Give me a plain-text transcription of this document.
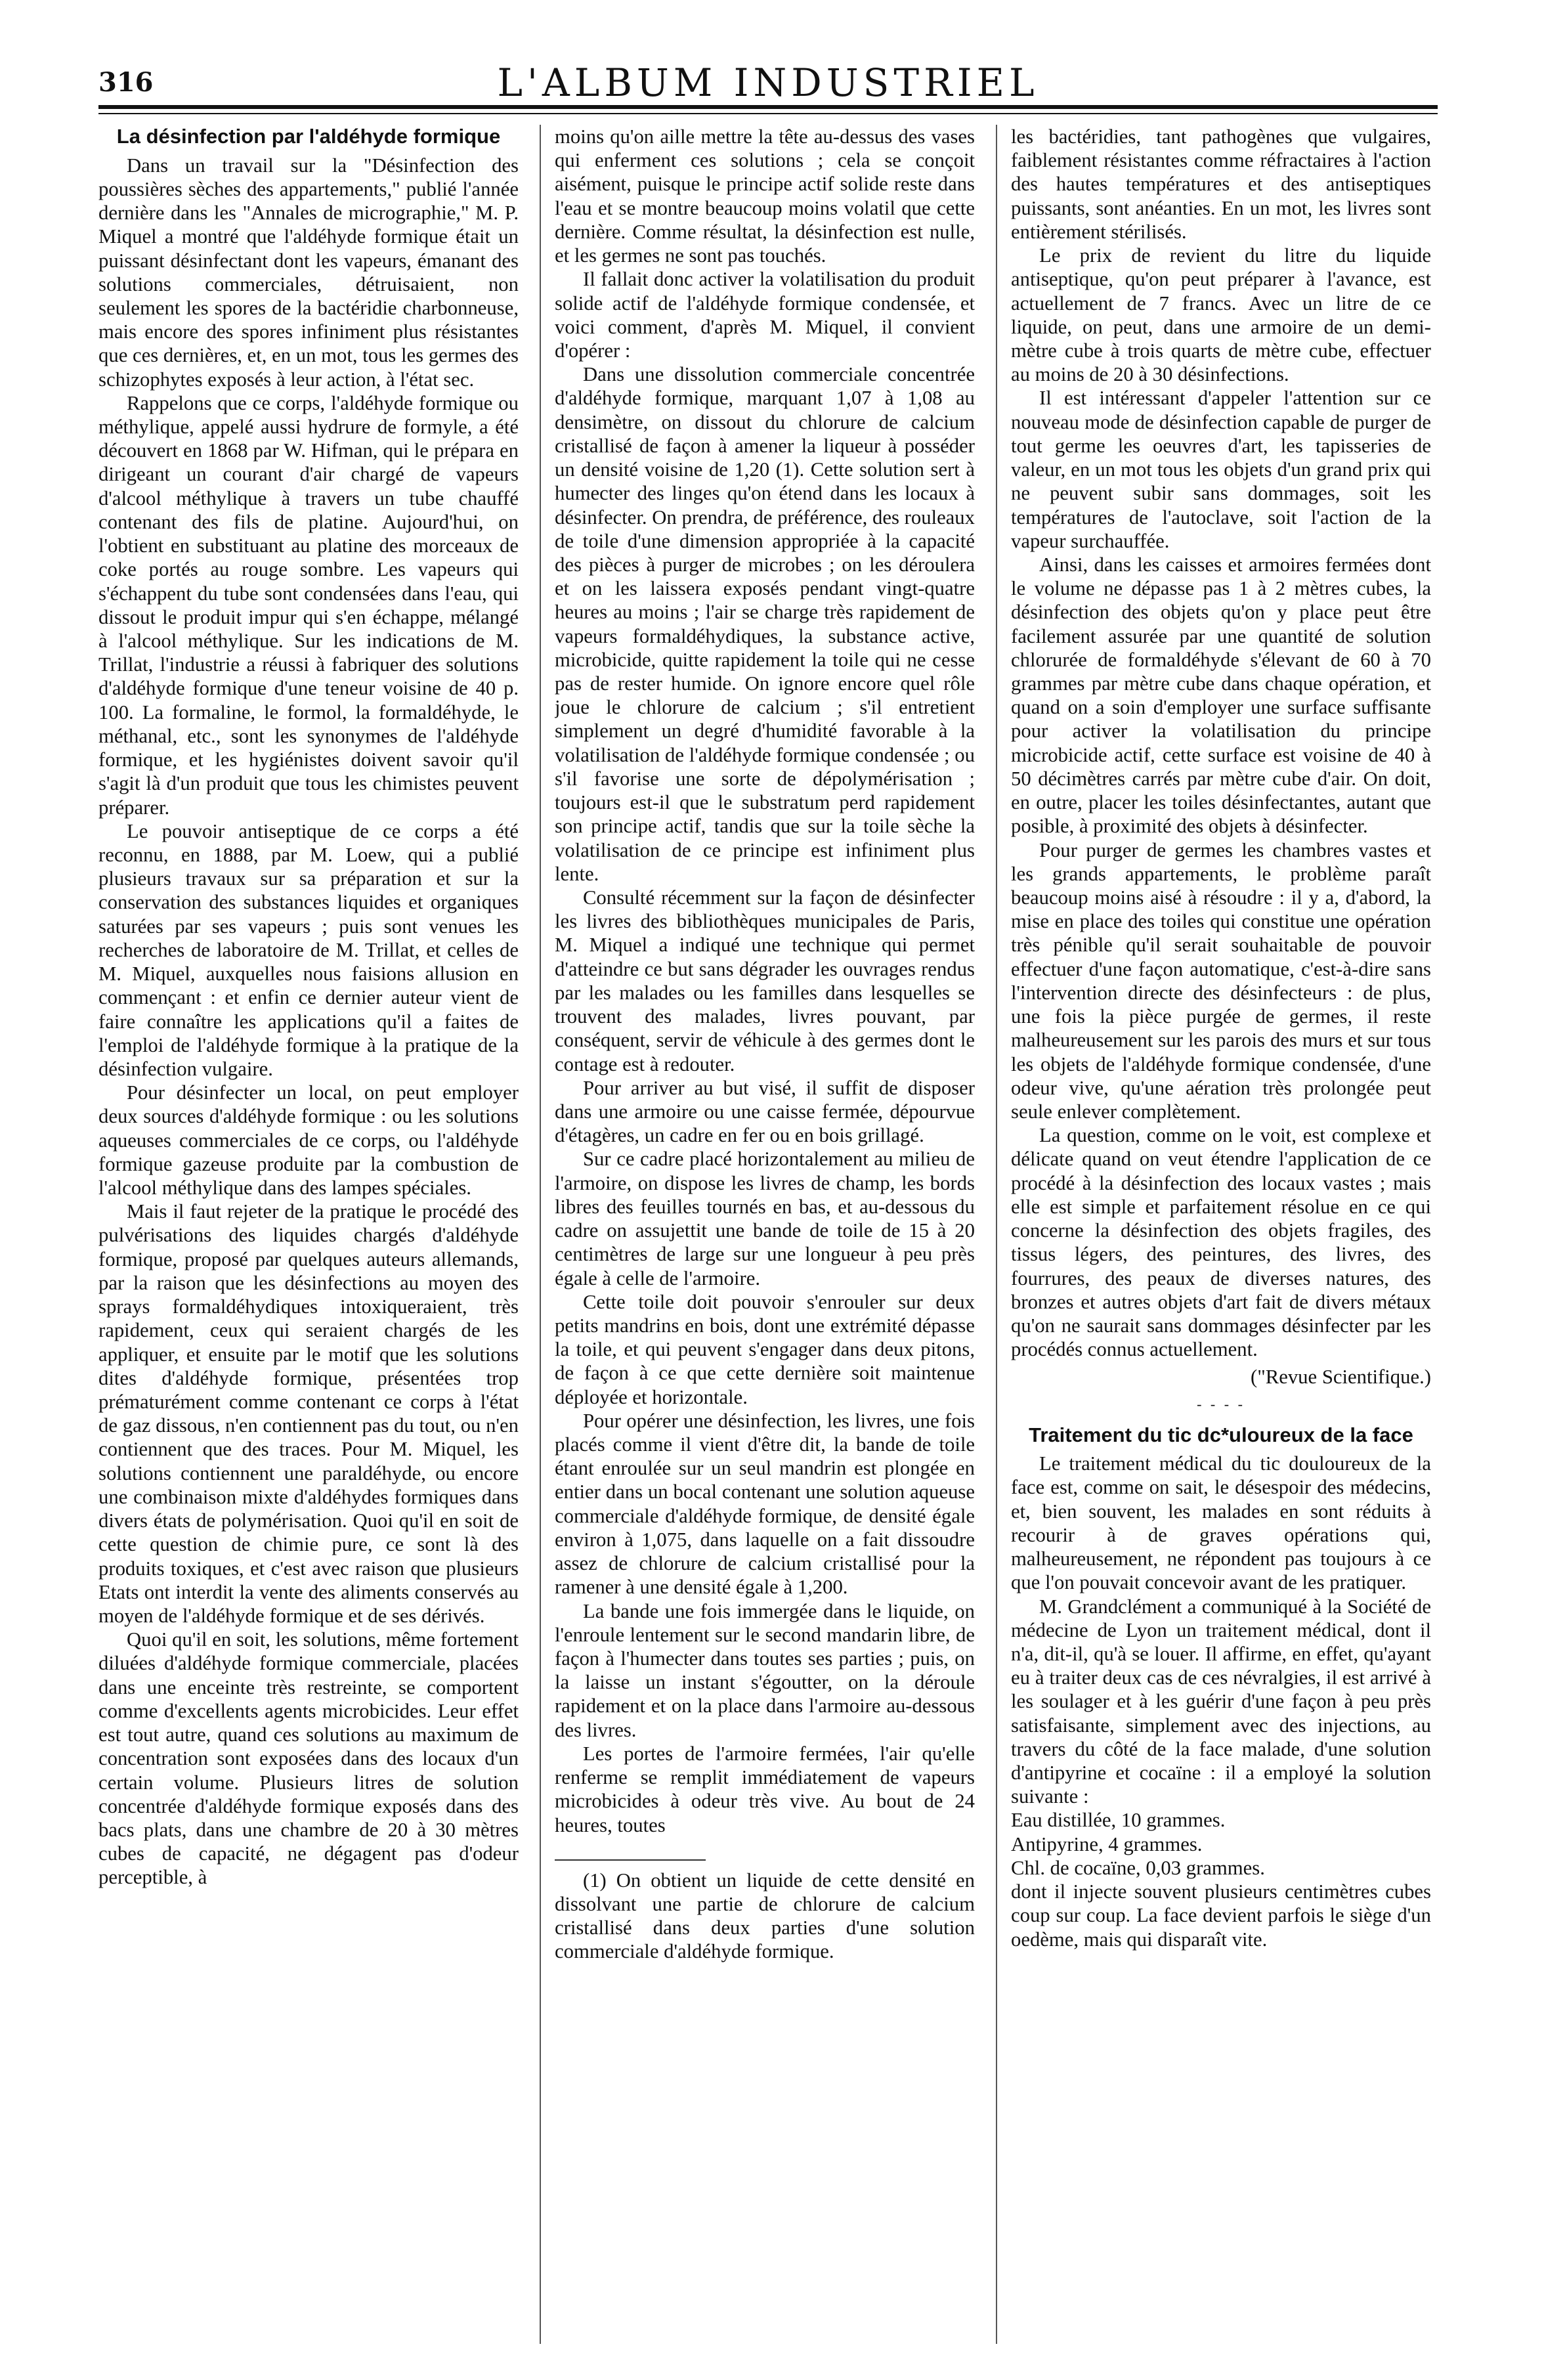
316	L'ALBUM INDUSTRIEL
La désinfection par l'aldéhyde formique

Dans un travail sur la "Désinfection des poussières sèches des appartements," publié l'année dernière dans les "Annales de micrographie," M. P. Miquel a montré que l'aldéhyde formique était un puissant désinfectant dont les vapeurs, émanant des solutions commerciales, détruisaient, non seulement les spores de la bactéridie charbonneuse, mais encore des spores infiniment plus résistantes que ces dernières, et, en un mot, tous les germes des schizophytes exposés à leur action, à l'état sec.

Rappelons que ce corps, l'aldéhyde formique ou méthylique, appelé aussi hydrure de formyle, a été découvert en 1868 par W. Hifman, qui le prépara en dirigeant un courant d'air chargé de vapeurs d'alcool méthylique à travers un tube chauffé contenant des fils de platine. Aujourd'hui, on l'obtient en substituant au platine des morceaux de coke portés au rouge sombre. Les vapeurs qui s'échappent du tube sont condensées dans l'eau, qui dissout le produit impur qui s'en échappe, mélangé à l'alcool méthylique. Sur les indications de M. Trillat, l'industrie a réussi à fabriquer des solutions d'aldéhyde formique d'une teneur voisine de 40 p. 100. La formaline, le formol, la formaldéhyde, le méthanal, etc., sont les synonymes de l'aldéhyde formique, et les hygiénistes doivent savoir qu'il s'agit là d'un produit que tous les chimistes peuvent préparer.

Le pouvoir antiseptique de ce corps a été reconnu, en 1888, par M. Loew, qui a publié plusieurs travaux sur sa préparation et sur la conservation des substances liquides et organiques saturées par ses vapeurs ; puis sont venues les recherches de laboratoire de M. Trillat, et celles de M. Miquel, auxquelles nous faisions allusion en commençant : et enfin ce dernier auteur vient de faire connaître les applications qu'il a faites de l'emploi de l'aldéhyde formique à la pratique de la désinfection vulgaire.

Pour désinfecter un local, on peut employer deux sources d'aldéhyde formique : ou les solutions aqueuses commerciales de ce corps, ou l'aldéhyde formique gazeuse produite par la combustion de l'alcool méthylique dans des lampes spéciales.

Mais il faut rejeter de la pratique le procédé des pulvérisations des liquides chargés d'aldéhyde formique, proposé par quelques auteurs allemands, par la raison que les désinfections au moyen des sprays formaldéhydiques intoxiqueraient, très rapidement, ceux qui seraient chargés de les appliquer, et ensuite par le motif que les solutions dites d'aldéhyde formique, présentées trop prématurément comme contenant ce corps à l'état de gaz dissous, n'en contiennent pas du tout, ou n'en contiennent que des traces. Pour M. Miquel, les solutions contiennent une paraldéhyde, ou encore une combinaison mixte d'aldéhydes formiques dans divers états de polymérisation. Quoi qu'il en soit de cette question de chimie pure, ce sont là des produits toxiques, et c'est avec raison que plusieurs Etats ont interdit la vente des aliments conservés au moyen de l'aldéhyde formique et de ses dérivés.

Quoi qu'il en soit, les solutions, même fortement diluées d'aldéhyde formique commerciale, placées dans une enceinte très restreinte, se comportent comme d'excellents agents microbicides. Leur effet est tout autre, quand ces solutions au maximum de concentration sont exposées dans des locaux d'un certain volume. Plusieurs litres de solution concentrée d'aldéhyde formique exposés dans des bacs plats, dans une chambre de 20 à 30 mètres cubes de capacité, ne dégagent pas d'odeur perceptible, à

moins qu'on aille mettre la tête au-dessus des vases qui enferment ces solutions ; cela se conçoit aisément, puisque le principe actif solide reste dans l'eau et se montre beaucoup moins volatil que cette dernière. Comme résultat, la désinfection est nulle, et les germes ne sont pas touchés.

Il fallait donc activer la volatilisation du produit solide actif de l'aldéhyde formique condensée, et voici comment, d'après M. Miquel, il convient d'opérer :

Dans une dissolution commerciale concentrée d'aldéhyde formique, marquant 1,07 à 1,08 au densimètre, on dissout du chlorure de calcium cristallisé de façon à amener la liqueur à posséder un densité voisine de 1,20 (1). Cette solution sert à humecter des linges qu'on étend dans les locaux à désinfecter. On prendra, de préférence, des rouleaux de toile d'une dimension appropriée à la capacité des pièces à purger de microbes ; on les déroulera et on les laissera exposés pendant vingt-quatre heures au moins ; l'air se charge très rapidement de vapeurs formaldéhydiques, la substance active, microbicide, quitte rapidement la toile qui ne cesse pas de rester humide. On ignore encore quel rôle joue le chlorure de calcium ; s'il entretient simplement un degré d'humidité favorable à la volatilisation de l'aldéhyde formique condensée ; ou s'il favorise une sorte de dépolymérisation ; toujours est-il que le substratum perd rapidement son principe actif, tandis que sur la toile sèche la volatilisation de ce principe est infiniment plus lente.

Consulté récemment sur la façon de désinfecter les livres des bibliothèques municipales de Paris, M. Miquel a indiqué une technique qui permet d'atteindre ce but sans dégrader les ouvrages rendus par les malades ou les familles dans lesquelles se trouvent des malades, livres pouvant, par conséquent, servir de véhicule à des germes dont le contage est à redouter.

Pour arriver au but visé, il suffit de disposer dans une armoire ou une caisse fermée, dépourvue d'étagères, un cadre en fer ou en bois grillagé.

Sur ce cadre placé horizontalement au milieu de l'armoire, on dispose les livres de champ, les bords libres des feuilles tournés en bas, et au-dessous du cadre on assujettit une bande de toile de 15 à 20 centimètres de large sur une longueur à peu près égale à celle de l'armoire.

Cette toile doit pouvoir s'enrouler sur deux petits mandrins en bois, dont une extrémité dépasse la toile, et qui peuvent s'engager dans deux pitons, de façon à ce que cette dernière soit maintenue déployée et horizontale.

Pour opérer une désinfection, les livres, une fois placés comme il vient d'être dit, la bande de toile étant enroulée sur un seul mandrin est plongée en entier dans un bocal contenant une solution aqueuse commerciale d'aldéhyde formique, de densité égale environ à 1,075, dans laquelle on a fait dissoudre assez de chlorure de calcium cristallisé pour la ramener à une densité égale à 1,200.

La bande une fois immergée dans le liquide, on l'enroule lentement sur le second mandarin libre, de façon à l'humecter dans toutes ses parties ; puis, on la laisse un instant s'égoutter, on la déroule rapidement et on la place dans l'armoire au-dessous des livres.

Les portes de l'armoire fermées, l'air qu'elle renferme se remplit immédiatement de vapeurs microbicides à odeur très vive. Au bout de 24 heures, toutes

(1) On obtient un liquide de cette densité en dissolvant une partie de chlorure de calcium cristallisé dans deux parties d'une solution commerciale d'aldéhyde formique.

les bactéridies, tant pathogènes que vulgaires, faiblement résistantes comme réfractaires à l'action des hautes températures et des antiseptiques puissants, sont anéanties. En un mot, les livres sont entièrement stérilisés.

Le prix de revient du litre du liquide antiseptique, qu'on peut préparer à l'avance, est actuellement de 7 francs. Avec un litre de ce liquide, on peut, dans une armoire de un demi-mètre cube à trois quarts de mètre cube, effectuer au moins de 20 à 30 désinfections.

Il est intéressant d'appeler l'attention sur ce nouveau mode de désinfection capable de purger de tout germe les oeuvres d'art, les tapisseries de valeur, en un mot tous les objets d'un grand prix qui ne peuvent subir sans dommages, soit les températures de l'autoclave, soit l'action de la vapeur surchauffée.

Ainsi, dans les caisses et armoires fermées dont le volume ne dépasse pas 1 à 2 mètres cubes, la désinfection des objets qu'on y place peut être facilement assurée par une quantité de solution chlorurée de formaldéhyde s'élevant de 60 à 70 grammes par mètre cube dans chaque opération, et quand on a soin d'employer une surface suffisante pour activer la volatilisation du principe microbicide actif, cette surface est voisine de 40 à 50 décimètres carrés par mètre cube d'air. On doit, en outre, placer les toiles désinfectantes, autant que posible, à proximité des objets à désinfecter.

Pour purger de germes les chambres vastes et les grands appartements, le problème paraît beaucoup moins aisé à résoudre : il y a, d'abord, la mise en place des toiles qui constitue une opération très pénible qu'il serait souhaitable de pouvoir effectuer d'une façon automatique, c'est-à-dire sans l'intervention directe des désinfecteurs : de plus, une fois la pièce purgée de germes, il reste malheureusement sur les parois des murs et sur tous les objets de l'aldéhyde formique condensée, d'une odeur vive, qu'une aération très prolongée peut seule enlever complètement.

La question, comme on le voit, est complexe et délicate quand on veut étendre l'application de ce procédé à la désinfection des locaux vastes ; mais elle est simple et parfaitement résolue en ce qui concerne la désinfection des objets fragiles, des tissus légers, des peintures, des livres, des fourrures, des peaux de diverses natures, des bronzes et autres objets d'art fait de divers métaux qu'on ne saurait sans dommages désinfecter par les procédés connus actuellement.

("Revue Scientifique.)
- - - -
Traitement du tic dc*uloureux de la face

Le traitement médical du tic douloureux de la face est, comme on sait, le désespoir des médecins, et, bien souvent, les malades en sont réduits à recourir à de graves opérations qui, malheureusement, ne répondent pas toujours à ce que l'on pouvait concevoir avant de les pratiquer.

M. Grandclément a communiqué à la Société de médecine de Lyon un traitement médical, dont il n'a, dit-il, qu'à se louer. Il affirme, en effet, qu'ayant eu à traiter deux cas de ces névralgies, il est arrivé à les soulager et à les guérir d'une façon à peu près satisfaisante, simplement avec des injections, au travers du côté de la face malade, d'une solution d'antipyrine et cocaïne : il a employé la solution suivante :

Eau distillée, 10 grammes.

Antipyrine, 4 grammes.

Chl. de cocaïne, 0,03 grammes.

dont il injecte souvent plusieurs centimètres cubes coup sur coup. La face devient parfois le siège d'un oedème, mais qui disparaît vite.
